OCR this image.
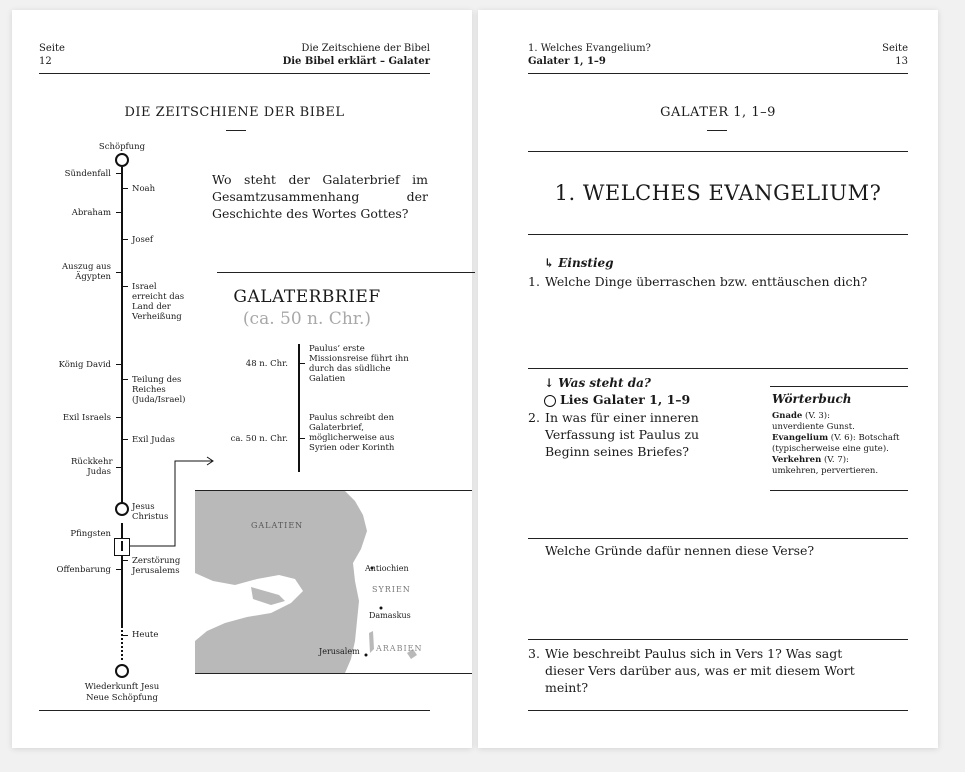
Seite
12
Die Zeitschiene der Bibel
Die Bibel erklärt – Galater
DIE ZEITSCHIENE DER BIBEL
Schöpfung
Sündenfall
Abraham
Auszug aus Ägypten
König David
Exil Israels
Rückkehr Judas
Pfingsten
Offenbarung
Noah
Josef
Israel erreicht das Land der Verheißung
Teilung des Reiches (Juda/Israel)
Exil Judas
Jesus Christus
Zerstörung Jerusalems
Heute
Wiederkunft Jesu
Neue Schöpfung
Wo steht der Galaterbrief im Gesamtzusammenhang der Geschichte des Wortes Gottes?
GALATERBRIEF
(ca. 50 n. Chr.)
48 n. Chr.
Paulus’ erste Missionsreise führt ihn durch das südliche Galatien
ca. 50 n. Chr.
Paulus schreibt den Galaterbrief, möglicherweise aus Syrien oder Korinth
GALATIEN
Antiochien
SYRIEN
Damaskus
Jerusalem ARABIEN
1. Welches Evangelium?
Galater 1, 1–9
Seite
13
GALATER 1, 1–9
1. WELCHES EVANGELIUM?
↳ Einstieg
1. Welche Dinge überraschen bzw. enttäuschen dich?
↓ Was steht da?
Lies Galater 1, 1–9
2. In was für einer inneren Verfassung ist Paulus zu Beginn seines Briefes?
Wörterbuch
Gnade (V. 3):
unverdiente Gunst.
Evangelium (V. 6): Botschaft (typischerweise eine gute).
Verkehren (V. 7):
umkehren, pervertieren.
Welche Gründe dafür nennen diese Verse?
3. Wie beschreibt Paulus sich in Vers 1? Was sagt dieser Vers darüber aus, was er mit diesem Wort meint?
